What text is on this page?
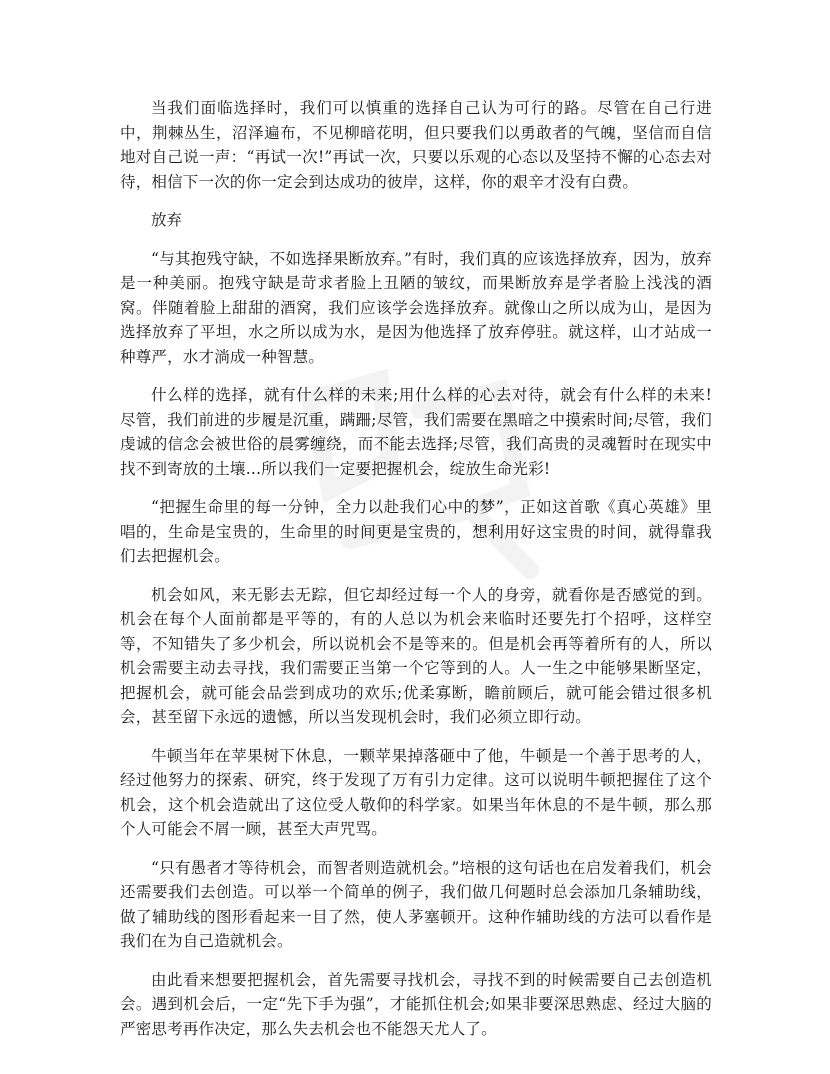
当我们面临选择时，我们可以慎重的选择自己认为可行的路。尽管在自己行进中，荆棘丛生，沼泽遍布，不见柳暗花明，但只要我们以勇敢者的气魄，坚信而自信地对自己说一声：“再试一次!”再试一次，只要以乐观的心态以及坚持不懈的心态去对待，相信下一次的你一定会到达成功的彼岸，这样，你的艰辛才没有白费。

放弃

“与其抱残守缺，不如选择果断放弃。”有时，我们真的应该选择放弃，因为，放弃是一种美丽。抱残守缺是苛求者脸上丑陋的皱纹，而果断放弃是学者脸上浅浅的酒窝。伴随着脸上甜甜的酒窝，我们应该学会选择放弃。就像山之所以成为山，是因为选择放弃了平坦，水之所以成为水，是因为他选择了放弃停驻。就这样，山才站成一种尊严，水才淌成一种智慧。

什么样的选择，就有什么样的未来;用什么样的心去对待，就会有什么样的未来!尽管，我们前进的步履是沉重，蹒跚;尽管，我们需要在黑暗之中摸索时间;尽管，我们虔诚的信念会被世俗的晨雾缠绕，而不能去选择;尽管，我们高贵的灵魂暂时在现实中找不到寄放的土壤…所以我们一定要把握机会，绽放生命光彩!

“把握生命里的每一分钟，全力以赴我们心中的梦”，正如这首歌《真心英雄》里唱的，生命是宝贵的，生命里的时间更是宝贵的，想利用好这宝贵的时间，就得靠我们去把握机会。

机会如风，来无影去无踪，但它却经过每一个人的身旁，就看你是否感觉的到。机会在每个人面前都是平等的，有的人总以为机会来临时还要先打个招呼，这样空等，不知错失了多少机会，所以说机会不是等来的。但是机会再等着所有的人，所以机会需要主动去寻找，我们需要正当第一个它等到的人。人一生之中能够果断坚定，把握机会，就可能会品尝到成功的欢乐;优柔寡断，瞻前顾后，就可能会错过很多机会，甚至留下永远的遗憾，所以当发现机会时，我们必须立即行动。

牛顿当年在苹果树下休息，一颗苹果掉落砸中了他，牛顿是一个善于思考的人，经过他努力的探索、研究，终于发现了万有引力定律。这可以说明牛顿把握住了这个机会，这个机会造就出了这位受人敬仰的科学家。如果当年休息的不是牛顿，那么那个人可能会不屑一顾，甚至大声咒骂。

“只有愚者才等待机会，而智者则造就机会。”培根的这句话也在启发着我们，机会还需要我们去创造。可以举一个简单的例子，我们做几何题时总会添加几条辅助线，做了辅助线的图形看起来一目了然，使人茅塞顿开。这种作辅助线的方法可以看作是我们在为自己造就机会。

由此看来想要把握机会，首先需要寻找机会，寻找不到的时候需要自己去创造机会。遇到机会后，一定“先下手为强”，才能抓住机会;如果非要深思熟虑、经过大脑的严密思考再作决定，那么失去机会也不能怨天尤人了。
